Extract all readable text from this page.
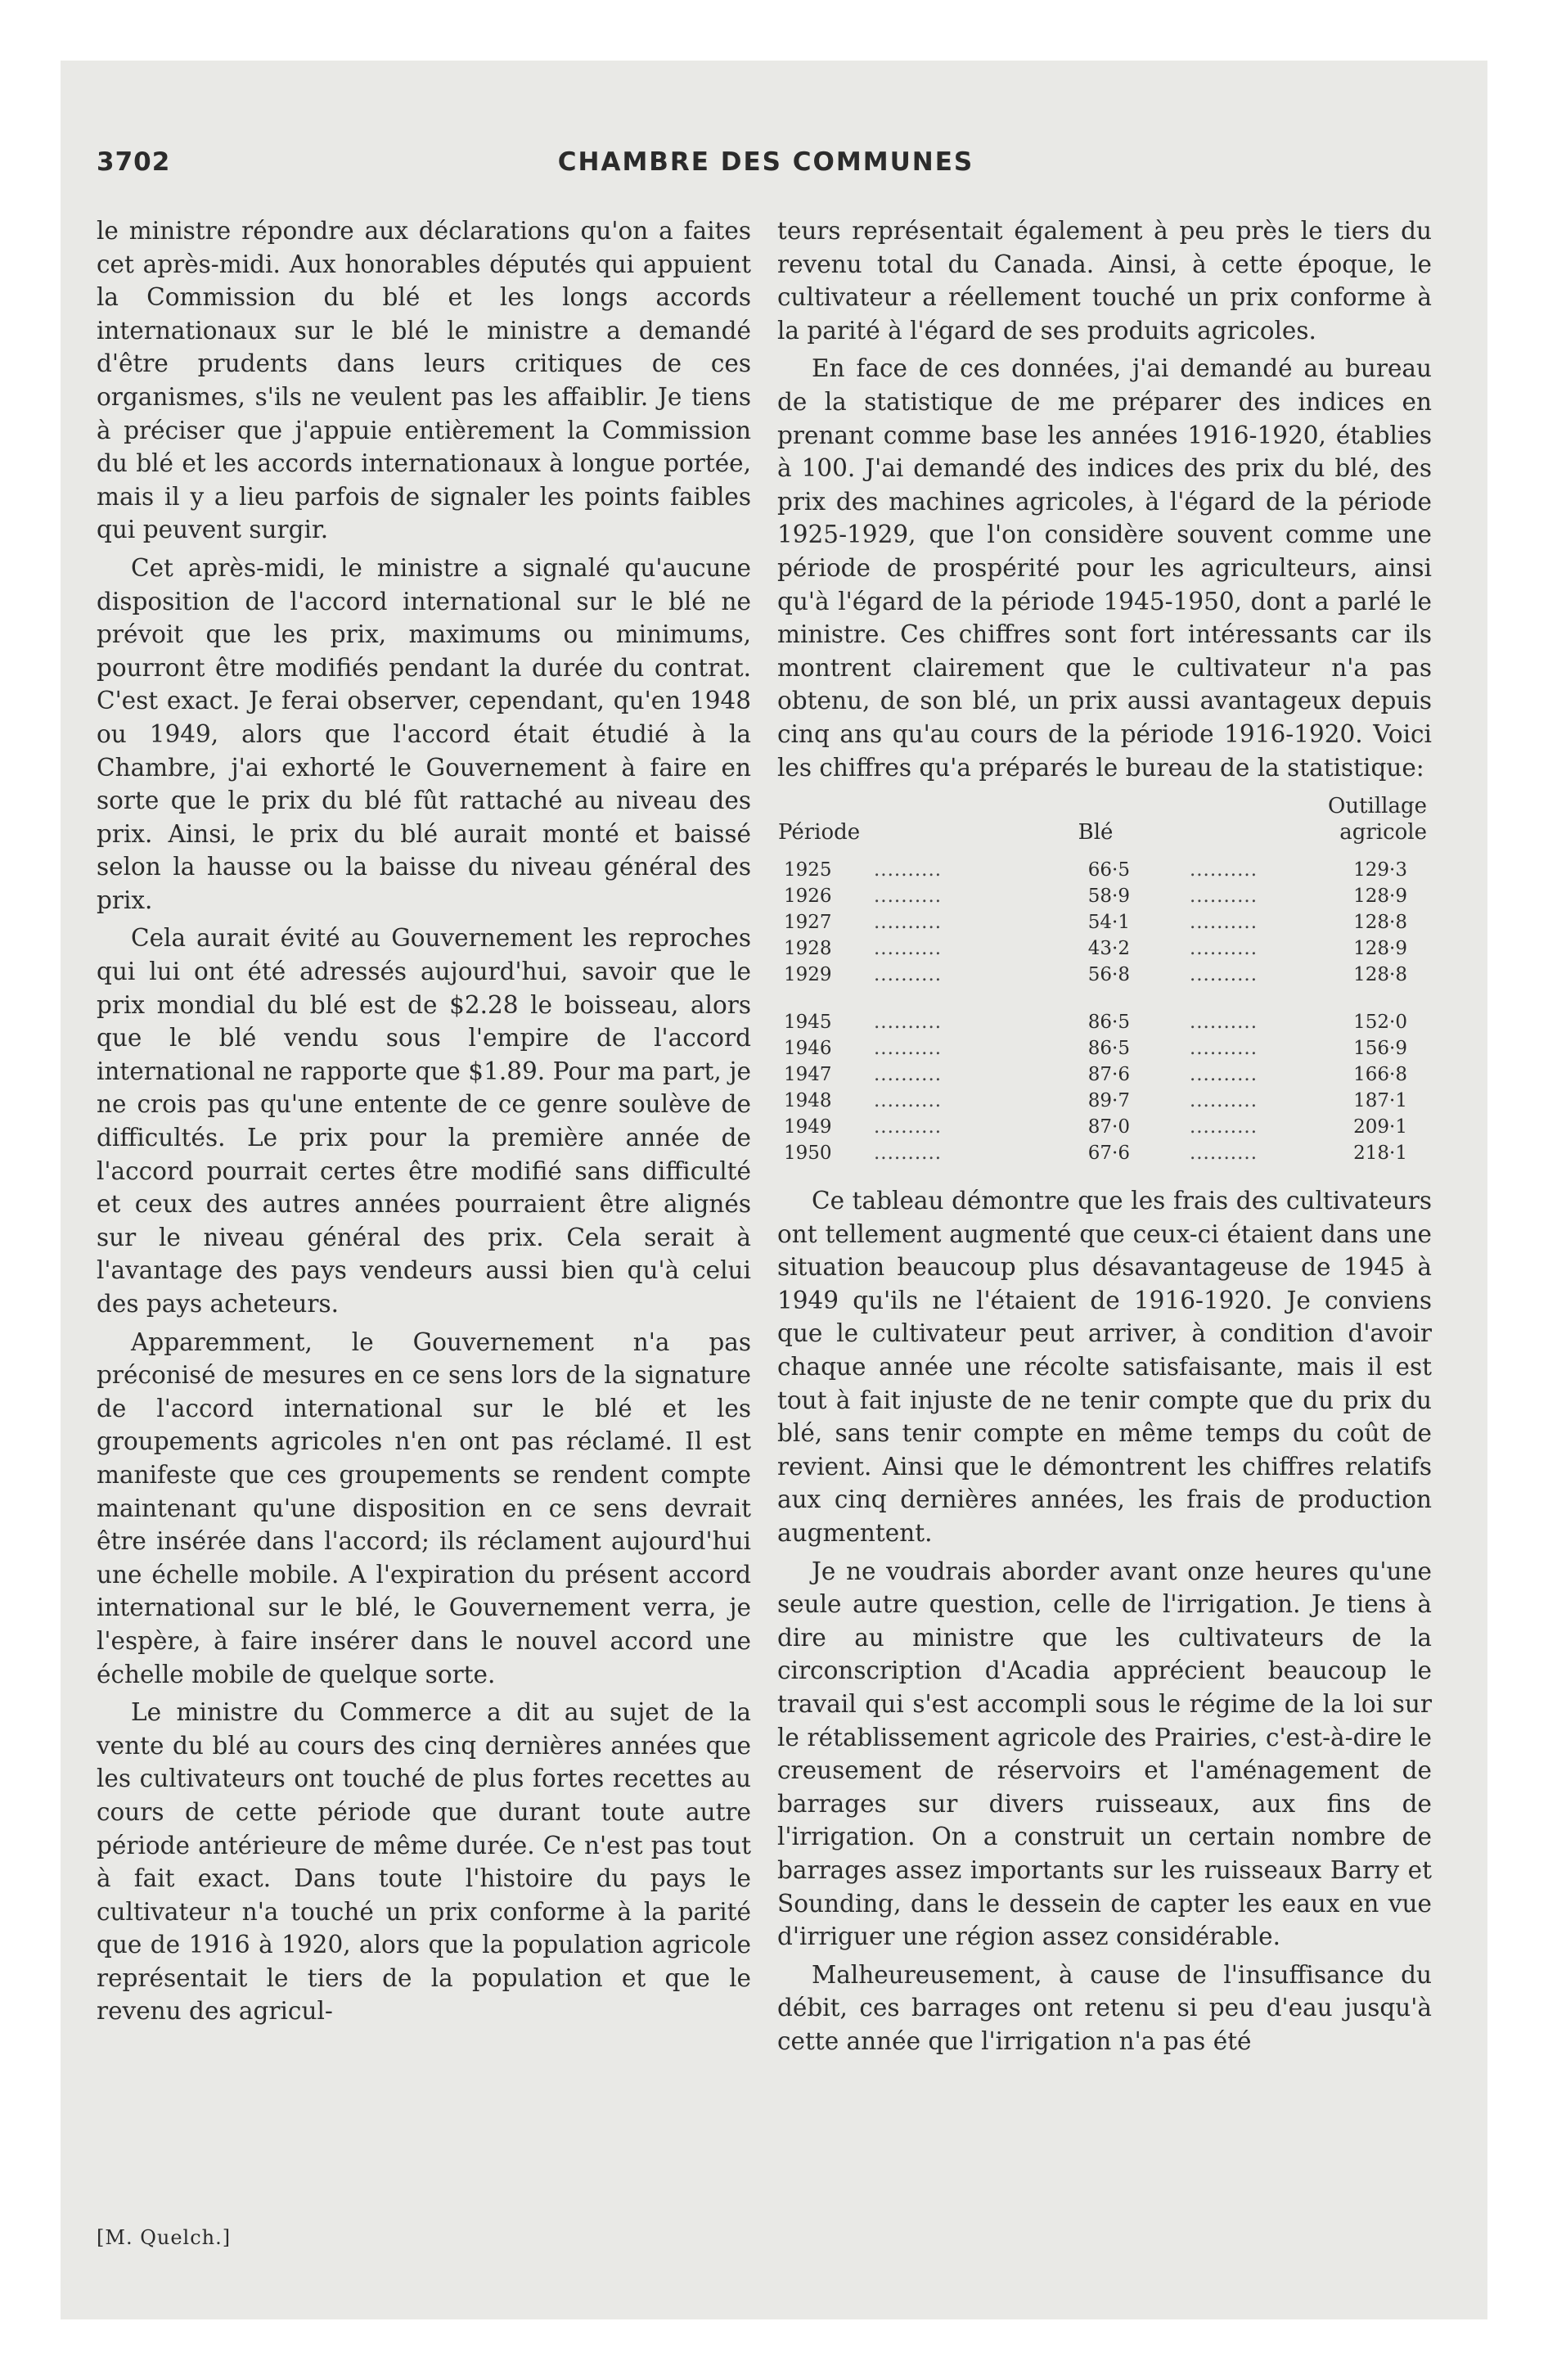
3702	CHAMBRE DES COMMUNES

le ministre répondre aux déclarations qu'on a faites cet après-midi. Aux honorables députés qui appuient la Commission du blé et les longs accords internationaux sur le blé le ministre a demandé d'être prudents dans leurs critiques de ces organismes, s'ils ne veulent pas les affaiblir. Je tiens à préciser que j'appuie entièrement la Commission du blé et les accords internationaux à longue portée, mais il y a lieu parfois de signaler les points faibles qui peuvent surgir.

Cet après-midi, le ministre a signalé qu'aucune disposition de l'accord international sur le blé ne prévoit que les prix, maximums ou minimums, pourront être modifiés pendant la durée du contrat. C'est exact. Je ferai observer, cependant, qu'en 1948 ou 1949, alors que l'accord était étudié à la Chambre, j'ai exhorté le Gouvernement à faire en sorte que le prix du blé fût rattaché au niveau des prix. Ainsi, le prix du blé aurait monté et baissé selon la hausse ou la baisse du niveau général des prix.

Cela aurait évité au Gouvernement les reproches qui lui ont été adressés aujourd'hui, savoir que le prix mondial du blé est de $2.28 le boisseau, alors que le blé vendu sous l'empire de l'accord international ne rapporte que $1.89. Pour ma part, je ne crois pas qu'une entente de ce genre soulève de difficultés. Le prix pour la première année de l'accord pourrait certes être modifié sans difficulté et ceux des autres années pourraient être alignés sur le niveau général des prix. Cela serait à l'avantage des pays vendeurs aussi bien qu'à celui des pays acheteurs.

Apparemment, le Gouvernement n'a pas préconisé de mesures en ce sens lors de la signature de l'accord international sur le blé et les groupements agricoles n'en ont pas réclamé. Il est manifeste que ces groupements se rendent compte maintenant qu'une disposition en ce sens devrait être insérée dans l'accord; ils réclament aujourd'hui une échelle mobile. A l'expiration du présent accord international sur le blé, le Gouvernement verra, je l'espère, à faire insérer dans le nouvel accord une échelle mobile de quelque sorte.

Le ministre du Commerce a dit au sujet de la vente du blé au cours des cinq dernières années que les cultivateurs ont touché de plus fortes recettes au cours de cette période que durant toute autre période antérieure de même durée. Ce n'est pas tout à fait exact. Dans toute l'histoire du pays le cultivateur n'a touché un prix conforme à la parité que de 1916 à 1920, alors que la population agricole représentait le tiers de la population et que le revenu des agricul-

[M. Quelch.]

teurs représentait également à peu près le tiers du revenu total du Canada. Ainsi, à cette époque, le cultivateur a réellement touché un prix conforme à la parité à l'égard de ses produits agricoles.

En face de ces données, j'ai demandé au bureau de la statistique de me préparer des indices en prenant comme base les années 1916-1920, établies à 100. J'ai demandé des indices des prix du blé, des prix des machines agricoles, à l'égard de la période 1925-1929, que l'on considère souvent comme une période de prospérité pour les agriculteurs, ainsi qu'à l'égard de la période 1945-1950, dont a parlé le ministre. Ces chiffres sont fort intéressants car ils montrent clairement que le cultivateur n'a pas obtenu, de son blé, un prix aussi avantageux depuis cinq ans qu'au cours de la période 1916-1920. Voici les chiffres qu'a préparés le bureau de la statistique:

Période		Blé		Outillage
agricole
1925	..........	66·5	..........	129·3
1926	..........	58·9	..........	128·9
1927	..........	54·1	..........	128·8
1928	..........	43·2	..........	128·9
1929	..........	56·8	..........	128·8

1945	..........	86·5	..........	152·0
1946	..........	86·5	..........	156·9
1947	..........	87·6	..........	166·8
1948	..........	89·7	..........	187·1
1949	..........	87·0	..........	209·1
1950	..........	67·6	..........	218·1

Ce tableau démontre que les frais des cultivateurs ont tellement augmenté que ceux-ci étaient dans une situation beaucoup plus désavantageuse de 1945 à 1949 qu'ils ne l'étaient de 1916-1920. Je conviens que le cultivateur peut arriver, à condition d'avoir chaque année une récolte satisfaisante, mais il est tout à fait injuste de ne tenir compte que du prix du blé, sans tenir compte en même temps du coût de revient. Ainsi que le démontrent les chiffres relatifs aux cinq dernières années, les frais de production augmentent.

Je ne voudrais aborder avant onze heures qu'une seule autre question, celle de l'irrigation. Je tiens à dire au ministre que les cultivateurs de la circonscription d'Acadia apprécient beaucoup le travail qui s'est accompli sous le régime de la loi sur le rétablissement agricole des Prairies, c'est-à-dire le creusement de réservoirs et l'aménagement de barrages sur divers ruisseaux, aux fins de l'irrigation. On a construit un certain nombre de barrages assez importants sur les ruisseaux Barry et Sounding, dans le dessein de capter les eaux en vue d'irriguer une région assez considérable.

Malheureusement, à cause de l'insuffisance du débit, ces barrages ont retenu si peu d'eau jusqu'à cette année que l'irrigation n'a pas été
